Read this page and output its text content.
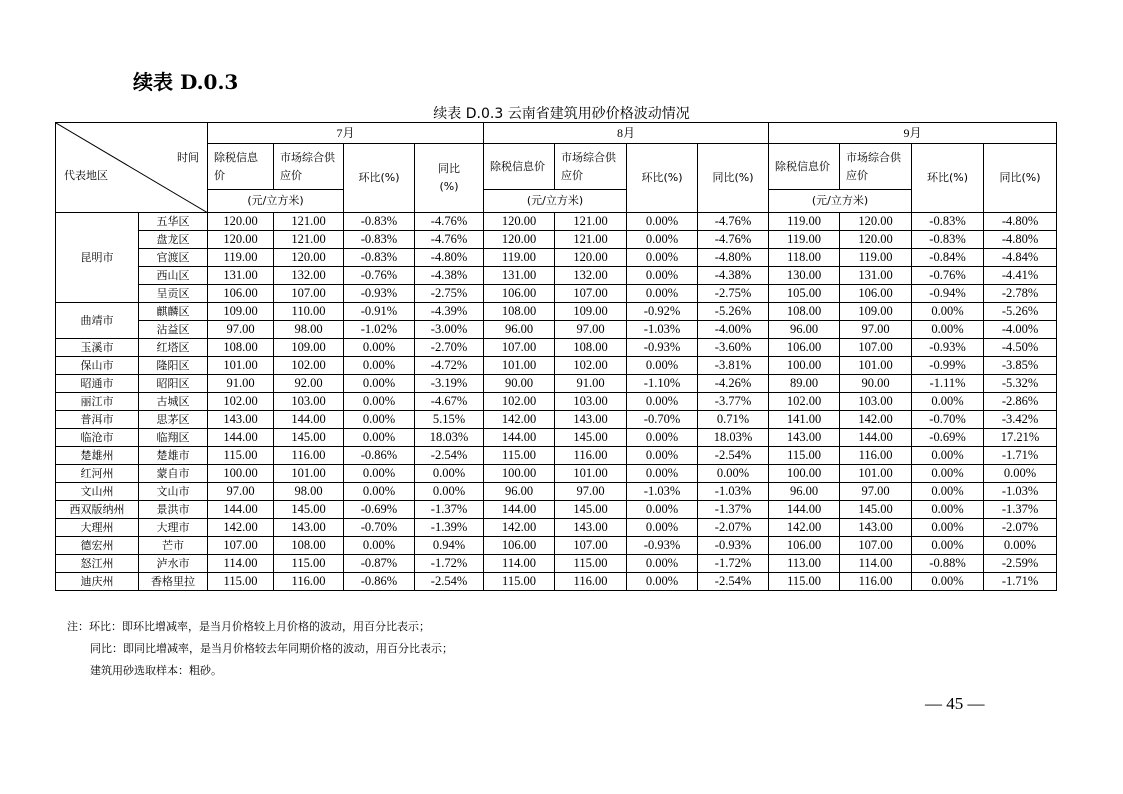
续表 D.0.3
续表 D.0.3 云南省建筑用砂价格波动情况
时间
代表地区		7月				8月				9月			
		除税信息价	市场综合供应价	环比(%)	同比(%)	除税信息价	市场综合供应价	环比(%)	同比(%)	除税信息价	市场综合供应价	环比(%)	同比(%)
		(元/立方米)				(元/立方米)				(元/立方米)			
昆明市	五华区	120.00	121.00	-0.83%	-4.76%	120.00	121.00	0.00%	-4.76%	119.00	120.00	-0.83%	-4.80%
	盘龙区	120.00	121.00	-0.83%	-4.76%	120.00	121.00	0.00%	-4.76%	119.00	120.00	-0.83%	-4.80%
	官渡区	119.00	120.00	-0.83%	-4.80%	119.00	120.00	0.00%	-4.80%	118.00	119.00	-0.84%	-4.84%
	西山区	131.00	132.00	-0.76%	-4.38%	131.00	132.00	0.00%	-4.38%	130.00	131.00	-0.76%	-4.41%
	呈贡区	106.00	107.00	-0.93%	-2.75%	106.00	107.00	0.00%	-2.75%	105.00	106.00	-0.94%	-2.78%
曲靖市	麒麟区	109.00	110.00	-0.91%	-4.39%	108.00	109.00	-0.92%	-5.26%	108.00	109.00	0.00%	-5.26%
	沾益区	97.00	98.00	-1.02%	-3.00%	96.00	97.00	-1.03%	-4.00%	96.00	97.00	0.00%	-4.00%
玉溪市	红塔区	108.00	109.00	0.00%	-2.70%	107.00	108.00	-0.93%	-3.60%	106.00	107.00	-0.93%	-4.50%
保山市	隆阳区	101.00	102.00	0.00%	-4.72%	101.00	102.00	0.00%	-3.81%	100.00	101.00	-0.99%	-3.85%
昭通市	昭阳区	91.00	92.00	0.00%	-3.19%	90.00	91.00	-1.10%	-4.26%	89.00	90.00	-1.11%	-5.32%
丽江市	古城区	102.00	103.00	0.00%	-4.67%	102.00	103.00	0.00%	-3.77%	102.00	103.00	0.00%	-2.86%
普洱市	思茅区	143.00	144.00	0.00%	5.15%	142.00	143.00	-0.70%	0.71%	141.00	142.00	-0.70%	-3.42%
临沧市	临翔区	144.00	145.00	0.00%	18.03%	144.00	145.00	0.00%	18.03%	143.00	144.00	-0.69%	17.21%
楚雄州	楚雄市	115.00	116.00	-0.86%	-2.54%	115.00	116.00	0.00%	-2.54%	115.00	116.00	0.00%	-1.71%
红河州	蒙自市	100.00	101.00	0.00%	0.00%	100.00	101.00	0.00%	0.00%	100.00	101.00	0.00%	0.00%
文山州	文山市	97.00	98.00	0.00%	0.00%	96.00	97.00	-1.03%	-1.03%	96.00	97.00	0.00%	-1.03%
西双版纳州	景洪市	144.00	145.00	-0.69%	-1.37%	144.00	145.00	0.00%	-1.37%	144.00	145.00	0.00%	-1.37%
大理州	大理市	142.00	143.00	-0.70%	-1.39%	142.00	143.00	0.00%	-2.07%	142.00	143.00	0.00%	-2.07%
德宏州	芒市	107.00	108.00	0.00%	0.94%	106.00	107.00	-0.93%	-0.93%	106.00	107.00	0.00%	0.00%
怒江州	泸水市	114.00	115.00	-0.87%	-1.72%	114.00	115.00	0.00%	-1.72%	113.00	114.00	-0.88%	-2.59%
迪庆州	香格里拉	115.00	116.00	-0.86%	-2.54%	115.00	116.00	0.00%	-2.54%	115.00	116.00	0.00%	-1.71%
注：环比：即环比增减率，是当月价格较上月价格的波动，用百分比表示；
同比：即同比增减率，是当月价格较去年同期价格的波动，用百分比表示；
建筑用砂选取样本：粗砂。
— 45 —
